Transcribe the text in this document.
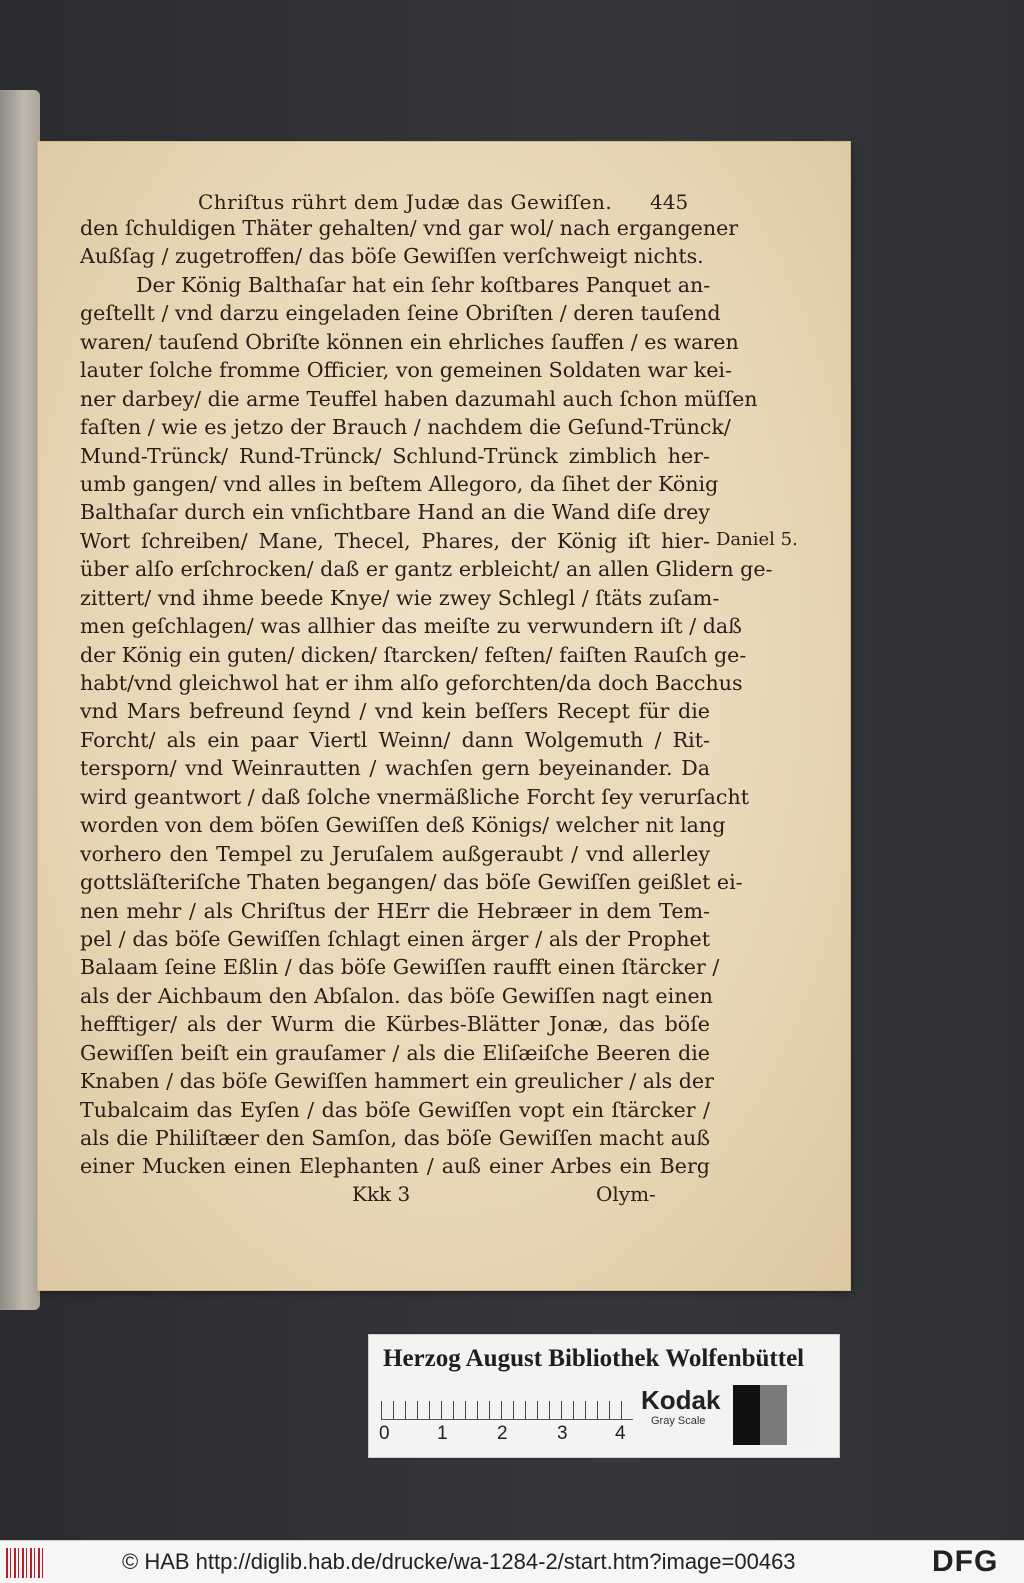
Chriſtus rührt dem Judæ das Gewiſſen. 445
den ſchuldigen Thäter gehalten/ vnd gar wol/ nach ergangener
Außſag / zugetroffen/ das böſe Gewiſſen verſchweigt nichts.
Der König Balthaſar hat ein ſehr koſtbares Panquet an-
geſtellt / vnd darzu eingeladen ſeine Obriſten / deren tauſend
waren/ tauſend Obriſte können ein ehrliches ſauffen / es waren
lauter ſolche fromme Officier, von gemeinen Soldaten war kei-
ner darbey/ die arme Teuffel haben dazumahl auch ſchon müſſen
faſten / wie es jetzo der Brauch / nachdem die Geſund-Trünck/
Mund-Trünck/ Rund-Trünck/ Schlund-Trünck zimblich her-
umb gangen/ vnd alles in beſtem Allegoro, da ſihet der König
Balthaſar durch ein vnſichtbare Hand an die Wand diſe drey
Wort ſchreiben/ Mane, Thecel, Phares, der König iſt hier-
über alſo erſchrocken/ daß er gantz erbleicht/ an allen Glidern ge-
zittert/ vnd ihme beede Knye/ wie zwey Schlegl / ſtäts zuſam-
men geſchlagen/ was allhier das meiſte zu verwundern iſt / daß
der König ein guten/ dicken/ ſtarcken/ feſten/ faiſten Rauſch ge-
habt/vnd gleichwol hat er ihm alſo geforchten/da doch Bacchus
vnd Mars befreund ſeynd / vnd kein beſſers Recept für die
Forcht/ als ein paar Viertl Weinn/ dann Wolgemuth / Rit-
tersporn/ vnd Weinrautten / wachſen gern beyeinander. Da
wird geantwort / daß ſolche vnermäßliche Forcht ſey verurſacht
worden von dem böſen Gewiſſen deß Königs/ welcher nit lang
vorhero den Tempel zu Jeruſalem außgeraubt / vnd allerley
gottsläſteriſche Thaten begangen/ das böſe Gewiſſen geißlet ei-
nen mehr / als Chriſtus der HErr die Hebræer in dem Tem-
pel / das böſe Gewiſſen ſchlagt einen ärger / als der Prophet
Balaam ſeine Eßlin / das böſe Gewiſſen raufft einen ſtärcker /
als der Aichbaum den Abſalon. das böſe Gewiſſen nagt einen
hefftiger/ als der Wurm die Kürbes-Blätter Jonæ, das böſe
Gewiſſen beiſt ein grauſamer / als die Eliſæiſche Beeren die
Knaben / das böſe Gewiſſen hammert ein greulicher / als der
Tubalcaim das Eyſen / das böſe Gewiſſen vopt ein ſtärcker /
als die Philiſtæer den Samſon, das böſe Gewiſſen macht auß
einer Mucken einen Elephanten / auß einer Arbes ein Berg
Daniel 5.
Kkk 3	Olym-
Herzog August Bibliothek Wolfenbüttel
0 1	2	3 4
Kodak
Gray Scale
© HAB http://diglib.hab.de/drucke/wa-1284-2/start.htm?image=00463	DFG
